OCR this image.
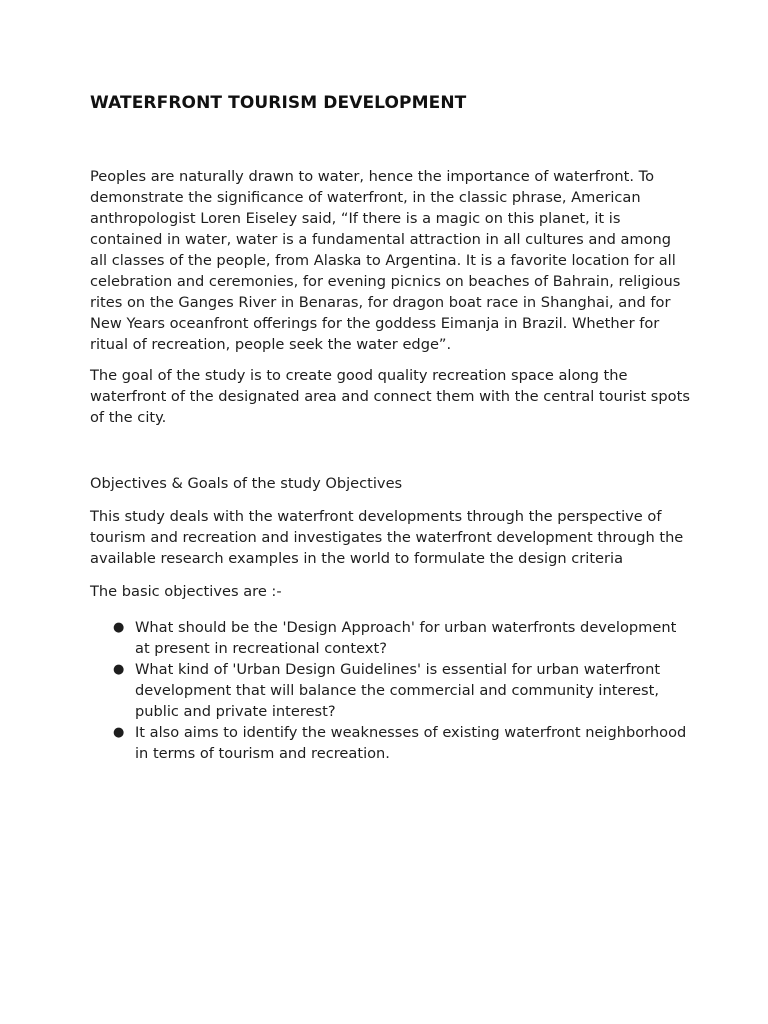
WATERFRONT TOURISM DEVELOPMENT

Peoples are naturally drawn to water, hence the importance of waterfront. To demonstrate the significance of waterfront, in the classic phrase, American anthropologist Loren Eiseley said, “If there is a magic on this planet, it is contained in water, water is a fundamental attraction in all cultures and among all classes of the people, from Alaska to Argentina. It is a favorite location for all celebration and ceremonies, for evening picnics on beaches of Bahrain, religious rites on the Ganges River in Benaras, for dragon boat race in Shanghai, and for New Years oceanfront offerings for the goddess Eimanja in Brazil. Whether for ritual of recreation, people seek the water edge”.

The goal of the study is to create good quality recreation space along the waterfront of the designated area and connect them with the central tourist spots of the city.

Objectives & Goals of the study Objectives

This study deals with the waterfront developments through the perspective of tourism and recreation and investigates the waterfront development through the available research examples in the world to formulate the design criteria

The basic objectives are :-

● What should be the 'Design Approach' for urban waterfronts development at present in recreational context?
● What kind of 'Urban Design Guidelines' is essential for urban waterfront development that will balance the commercial and community interest, public and private interest?
● It also aims to identify the weaknesses of existing waterfront neighborhood in terms of tourism and recreation.
